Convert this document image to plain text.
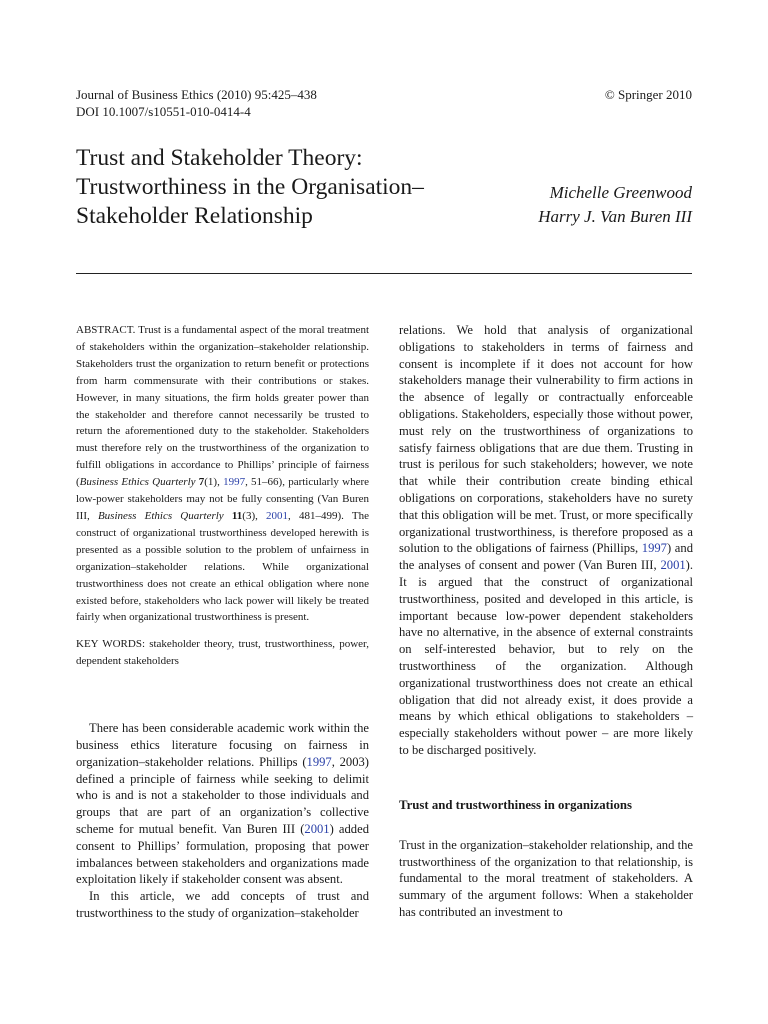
Journal of Business Ethics (2010) 95:425–438
DOI 10.1007/s10551-010-0414-4
© Springer 2010
Trust and Stakeholder Theory:
Trustworthiness in the Organisation–
Stakeholder Relationship
Michelle Greenwood
Harry J. Van Buren III

ABSTRACT. Trust is a fundamental aspect of the moral treatment of stakeholders within the organization–stakeholder relationship. Stakeholders trust the organization to return benefit or protections from harm commensurate with their contributions or stakes. However, in many situations, the firm holds greater power than the stakeholder and therefore cannot necessarily be trusted to return the aforementioned duty to the stakeholder. Stakeholders must therefore rely on the trustworthiness of the organization to fulfill obligations in accordance to Phillips’ principle of fairness (Business Ethics Quarterly 7(1), 1997, 51–66), particularly where low-power stakeholders may not be fully consenting (Van Buren III, Business Ethics Quarterly 11(3), 2001, 481–499). The construct of organizational trustworthiness developed herewith is presented as a possible solution to the problem of unfairness in organization–stakeholder relations. While organizational trustworthiness does not create an ethical obligation where none existed before, stakeholders who lack power will likely be treated fairly when organizational trustworthiness is present.

KEY WORDS: stakeholder theory, trust, trustworthiness, power, dependent stakeholders

There has been considerable academic work within the business ethics literature focusing on fairness in organization–stakeholder relations. Phillips (1997, 2003) defined a principle of fairness while seeking to delimit who is and is not a stakeholder to those individuals and groups that are part of an organization’s collective scheme for mutual benefit. Van Buren III (2001) added consent to Phillips’ formulation, proposing that power imbalances between stakeholders and organizations made exploitation likely if stakeholder consent was absent.

In this article, we add concepts of trust and trustworthiness to the study of organization–stakeholder

relations. We hold that analysis of organizational obligations to stakeholders in terms of fairness and consent is incomplete if it does not account for how stakeholders manage their vulnerability to firm actions in the absence of legally or contractually enforceable obligations. Stakeholders, especially those without power, must rely on the trustworthiness of organizations to satisfy fairness obligations that are due them. Trusting in trust is perilous for such stakeholders; however, we note that while their contribution create binding ethical obligations on corporations, stakeholders have no surety that this obligation will be met. Trust, or more specifically organizational trustworthiness, is therefore proposed as a solution to the obligations of fairness (Phillips, 1997) and the analyses of consent and power (Van Buren III, 2001). It is argued that the construct of organizational trustworthiness, posited and developed in this article, is important because low-power dependent stakeholders have no alternative, in the absence of external constraints on self-interested behavior, but to rely on the trustworthiness of the organization. Although organizational trustworthiness does not create an ethical obligation that did not already exist, it does provide a means by which ethical obligations to stakeholders – especially stakeholders without power – are more likely to be discharged positively.

Trust and trustworthiness in organizations

Trust in the organization–stakeholder relationship, and the trustworthiness of the organization to that relationship, is fundamental to the moral treatment of stakeholders. A summary of the argument follows: When a stakeholder has contributed an investment to
